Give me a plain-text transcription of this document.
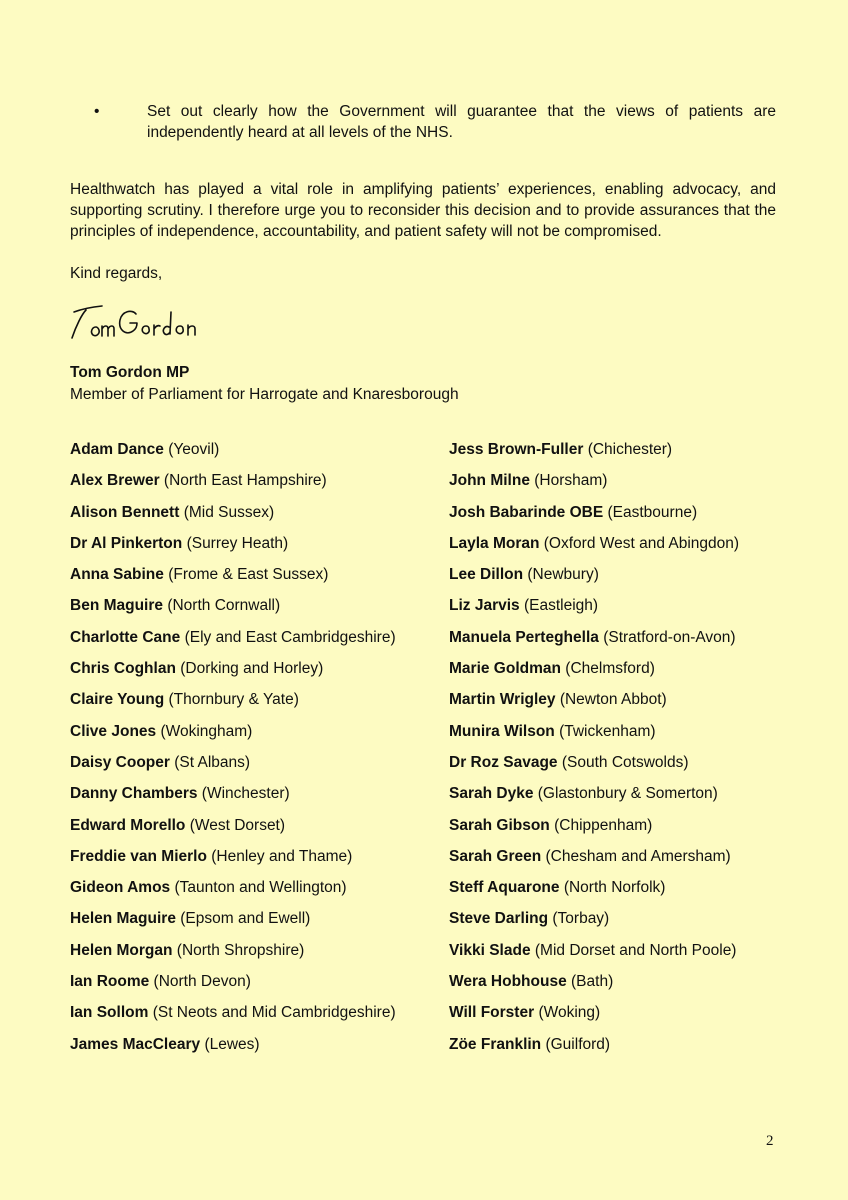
•	Set out clearly how the Government will guarantee that the views of patients are independently heard at all levels of the NHS.
Healthwatch has played a vital role in amplifying patients’ experiences, enabling advocacy, and supporting scrutiny. I therefore urge you to reconsider this decision and to provide assurances that the principles of independence, accountability, and patient safety will not be compromised.
Kind regards,
Tom Gordon MP
Member of Parliament for Harrogate and Knaresborough
Adam Dance (Yeovil)
Alex Brewer (North East Hampshire)
Alison Bennett (Mid Sussex)
Dr Al Pinkerton (Surrey Heath)
Anna Sabine (Frome & East Sussex)
Ben Maguire (North Cornwall)
Charlotte Cane (Ely and East Cambridgeshire)
Chris Coghlan (Dorking and Horley)
Claire Young (Thornbury & Yate)
Clive Jones (Wokingham)
Daisy Cooper (St Albans)
Danny Chambers (Winchester)
Edward Morello (West Dorset)
Freddie van Mierlo (Henley and Thame)
Gideon Amos (Taunton and Wellington)
Helen Maguire (Epsom and Ewell)
Helen Morgan (North Shropshire)
Ian Roome (North Devon)
Ian Sollom (St Neots and Mid Cambridgeshire)
James MacCleary (Lewes)
Jess Brown-Fuller (Chichester)
John Milne (Horsham)
Josh Babarinde OBE (Eastbourne)
Layla Moran (Oxford West and Abingdon)
Lee Dillon (Newbury)
Liz Jarvis (Eastleigh)
Manuela Perteghella (Stratford-on-Avon)
Marie Goldman (Chelmsford)
Martin Wrigley (Newton Abbot)
Munira Wilson (Twickenham)
Dr Roz Savage (South Cotswolds)
Sarah Dyke (Glastonbury & Somerton)
Sarah Gibson (Chippenham)
Sarah Green (Chesham and Amersham)
Steff Aquarone (North Norfolk)
Steve Darling (Torbay)
Vikki Slade (Mid Dorset and North Poole)
Wera Hobhouse (Bath)
Will Forster (Woking)
Zöe Franklin (Guilford)
2
